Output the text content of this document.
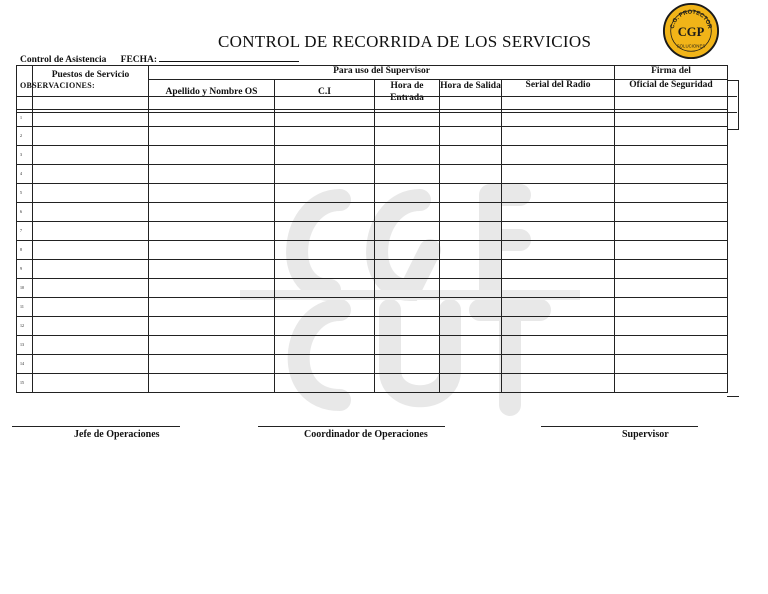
CONTROL DE RECORRIDA DE LOS SERVICIOS
Control de Asistencia FECHA:
C.G. PROTECTOR
CGP
SOLUCIONES
	Puestos de Servicio	Para uso del Supervisor					Firma del
		Apellido y Nombre OS	C.I	Hora de Entrada	Hora de Salida	Serial del Radio	Oficial de Seguridad

1							
2							
3							
4							
5							
6							
7							
8							
9							
10							
11							
12							
13							
14							
15							
OBSERVACIONES:
Jefe de Operaciones	Coordinador de Operaciones	Supervisor
